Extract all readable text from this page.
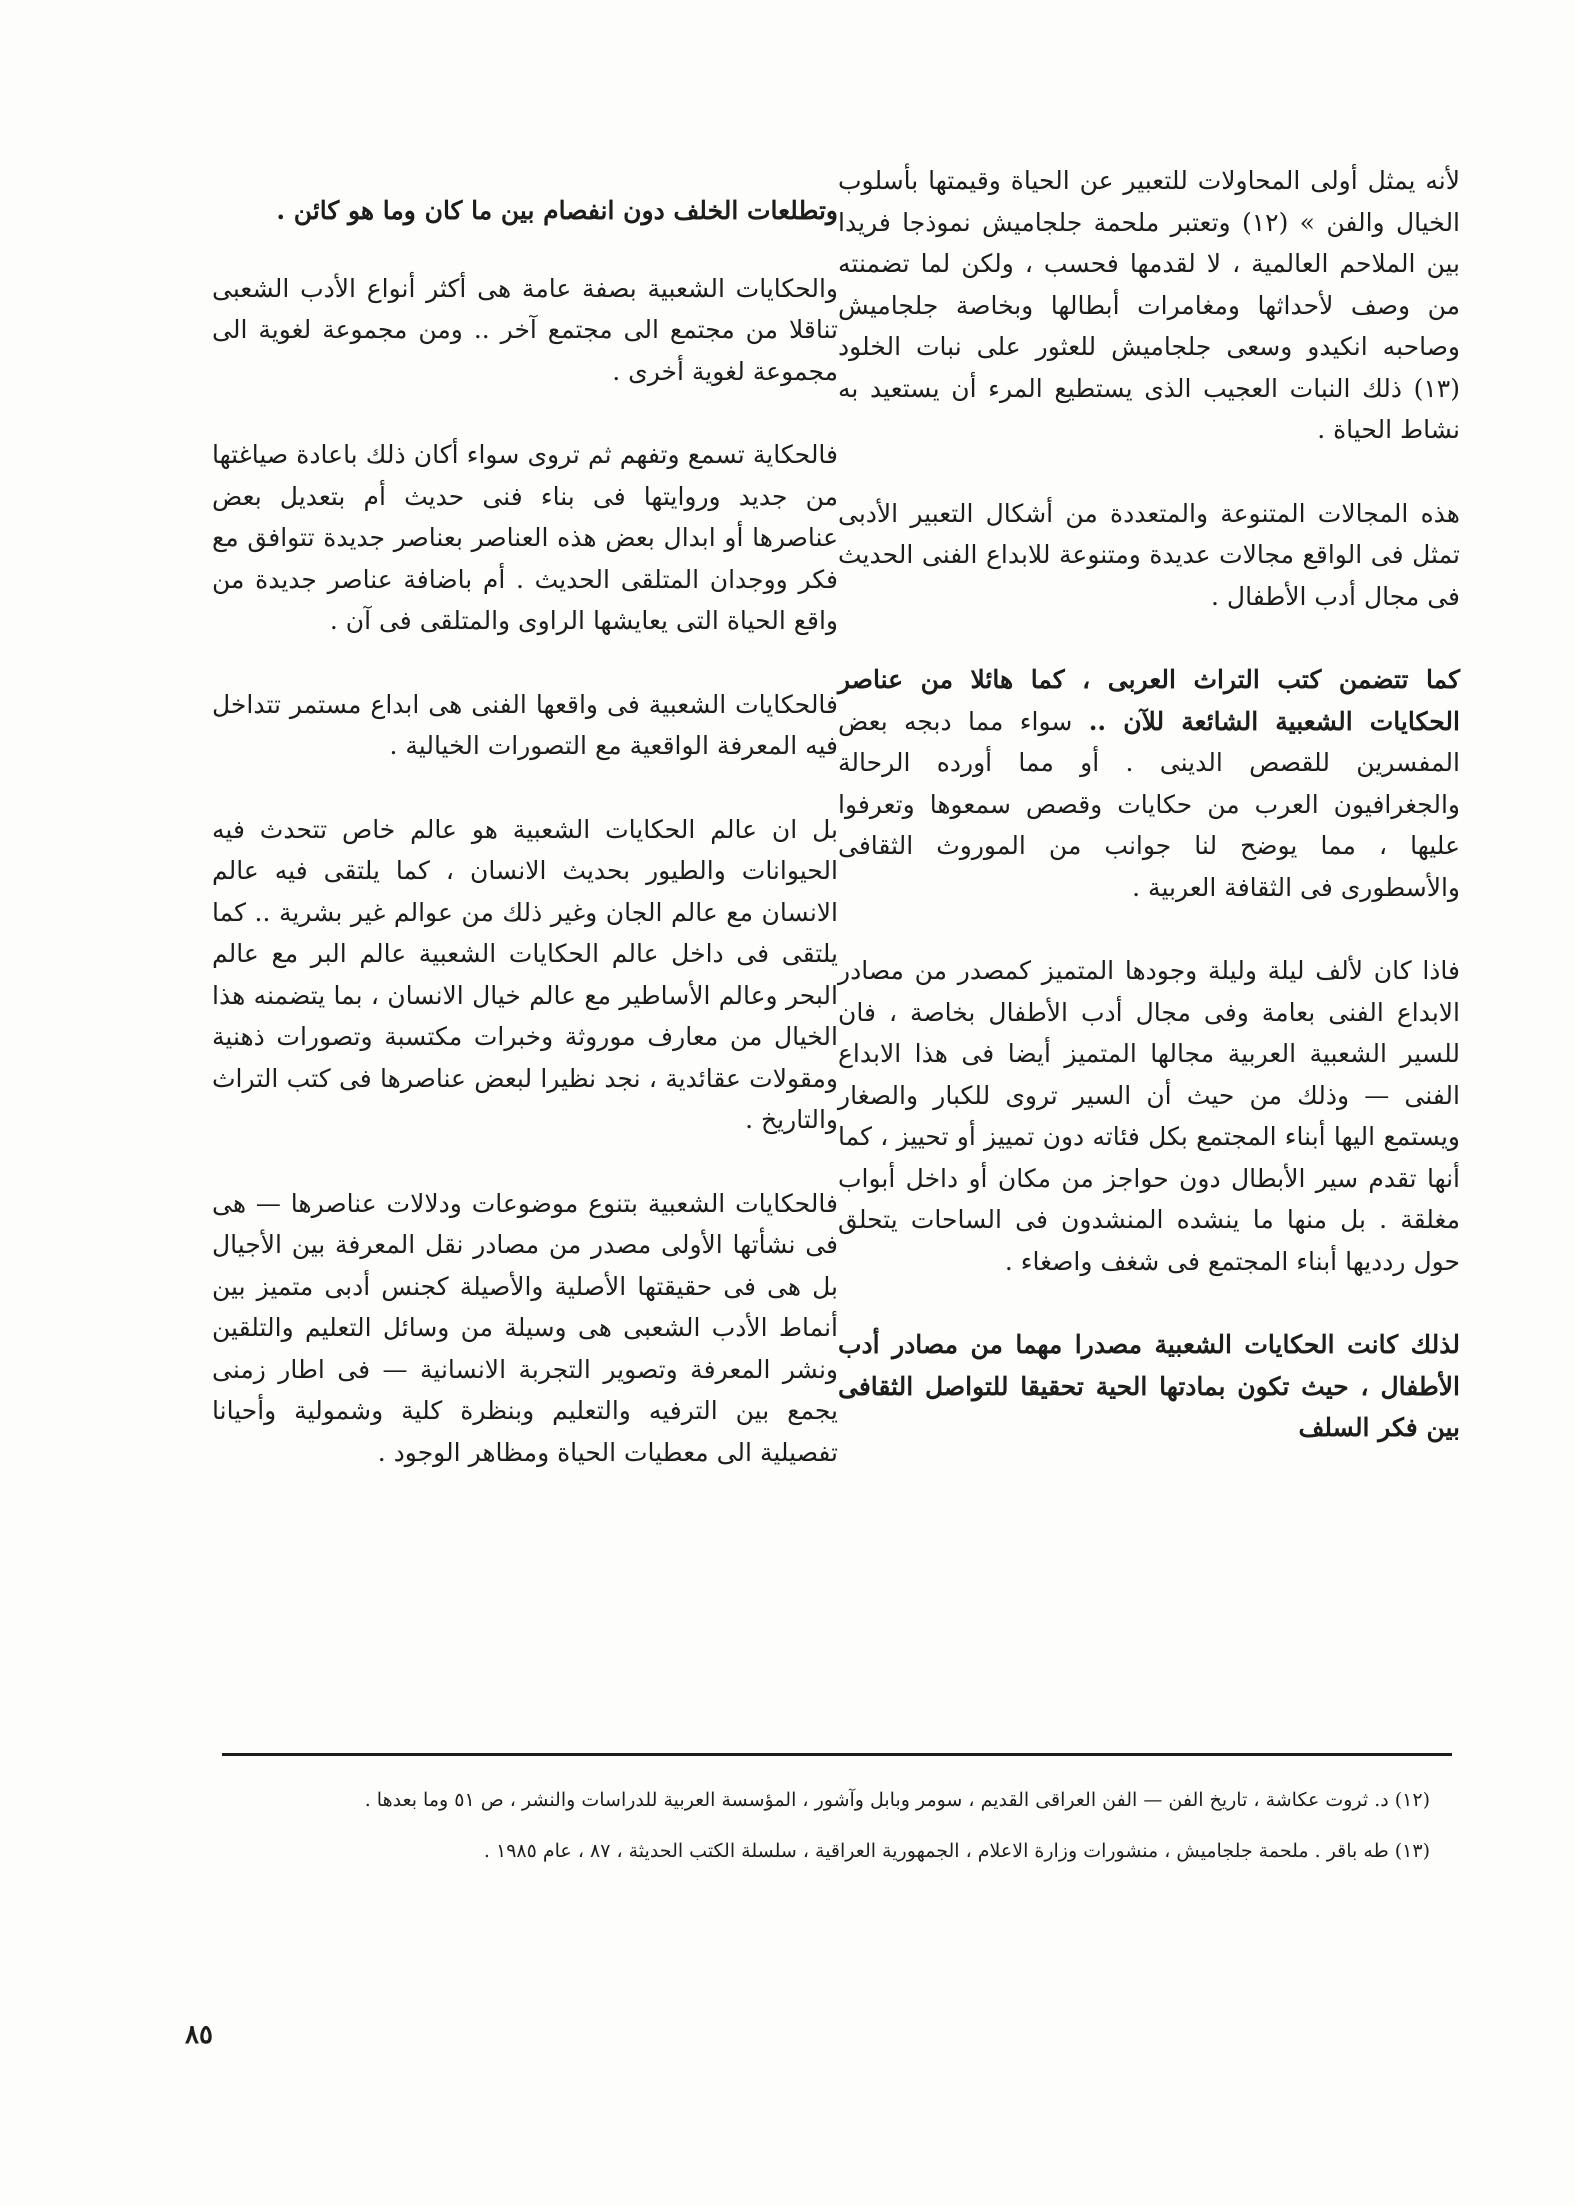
لأنه يمثل أولى المحاولات للتعبير عن الحياة وقيمتها بأسلوب الخيال والفن » (١٢) وتعتبر ملحمة جلجاميش نموذجا فريدا بين الملاحم العالمية ، لا لقدمها فحسب ، ولكن لما تضمنته من وصف لأحداثها ومغامرات أبطالها وبخاصة جلجاميش وصاحبه انكيدو وسعى جلجاميش للعثور على نبات الخلود (١٣) ذلك النبات العجيب الذى يستطيع المرء أن يستعيد به نشاط الحياة .

هذه المجالات المتنوعة والمتعددة من أشكال التعبير الأدبى تمثل فى الواقع مجالات عديدة ومتنوعة للابداع الفنى الحديث فى مجال أدب الأطفال .

كما تتضمن كتب التراث العربى ، كما هائلا من عناصر الحكايات الشعبية الشائعة للآن .. سواء مما دبجه بعض المفسرين للقصص الدينى . أو مما أورده الرحالة والجغرافيون العرب من حكايات وقصص سمعوها وتعرفوا عليها ، مما يوضح لنا جوانب من الموروث الثقافى والأسطورى فى الثقافة العربية .

فاذا كان لألف ليلة وليلة وجودها المتميز كمصدر من مصادر الابداع الفنى بعامة وفى مجال أدب الأطفال بخاصة ، فان للسير الشعبية العربية مجالها المتميز أيضا فى هذا الابداع الفنى — وذلك من حيث أن السير تروى للكبار والصغار ويستمع اليها أبناء المجتمع بكل فئاته دون تمييز أو تحييز ، كما أنها تقدم سير الأبطال دون حواجز من مكان أو داخل أبواب مغلقة . بل منها ما ينشده المنشدون فى الساحات يتحلق حول ردديها أبناء المجتمع فى شغف واصغاء .

لذلك كانت الحكايات الشعبية مصدرا مهما من مصادر أدب الأطفال ، حيث تكون بمادتها الحية تحقيقا للتواصل الثقافى بين فكر السلف

وتطلعات الخلف دون انفصام بين ما كان وما هو كائن .

والحكايات الشعبية بصفة عامة هى أكثر أنواع الأدب الشعبى تناقلا من مجتمع الى مجتمع آخر .. ومن مجموعة لغوية الى مجموعة لغوية أخرى .

فالحكاية تسمع وتفهم ثم تروى سواء أكان ذلك باعادة صياغتها من جديد وروايتها فى بناء فنى حديث أم بتعديل بعض عناصرها أو ابدال بعض هذه العناصر بعناصر جديدة تتوافق مع فكر ووجدان المتلقى الحديث . أم باضافة عناصر جديدة من واقع الحياة التى يعايشها الراوى والمتلقى فى آن .

فالحكايات الشعبية فى واقعها الفنى هى ابداع مستمر تتداخل فيه المعرفة الواقعية مع التصورات الخيالية .

بل ان عالم الحكايات الشعبية هو عالم خاص تتحدث فيه الحيوانات والطيور بحديث الانسان ، كما يلتقى فيه عالم الانسان مع عالم الجان وغير ذلك من عوالم غير بشرية .. كما يلتقى فى داخل عالم الحكايات الشعبية عالم البر مع عالم البحر وعالم الأساطير مع عالم خيال الانسان ، بما يتضمنه هذا الخيال من معارف موروثة وخبرات مكتسبة وتصورات ذهنية ومقولات عقائدية ، نجد نظيرا لبعض عناصرها فى كتب التراث والتاريخ .

فالحكايات الشعبية بتنوع موضوعات ودلالات عناصرها — هى فى نشأتها الأولى مصدر من مصادر نقل المعرفة بين الأجيال بل هى فى حقيقتها الأصلية والأصيلة كجنس أدبى متميز بين أنماط الأدب الشعبى هى وسيلة من وسائل التعليم والتلقين ونشر المعرفة وتصوير التجربة الانسانية — فى اطار زمنى يجمع بين الترفيه والتعليم وبنظرة كلية وشمولية وأحيانا تفصيلية الى معطيات الحياة ومظاهر الوجود .

(١٢) د. ثروت عكاشة ، تاريخ الفن — الفن العراقى القديم ، سومر وبابل وآشور ، المؤسسة العربية للدراسات والنشر ، ص ٥١ وما بعدها .

(١٣) طه باقر . ملحمة جلجاميش ، منشورات وزارة الاعلام ، الجمهورية العراقية ، سلسلة الكتب الحديثة ، ٨٧ ، عام ١٩٨٥ .

٨٥
